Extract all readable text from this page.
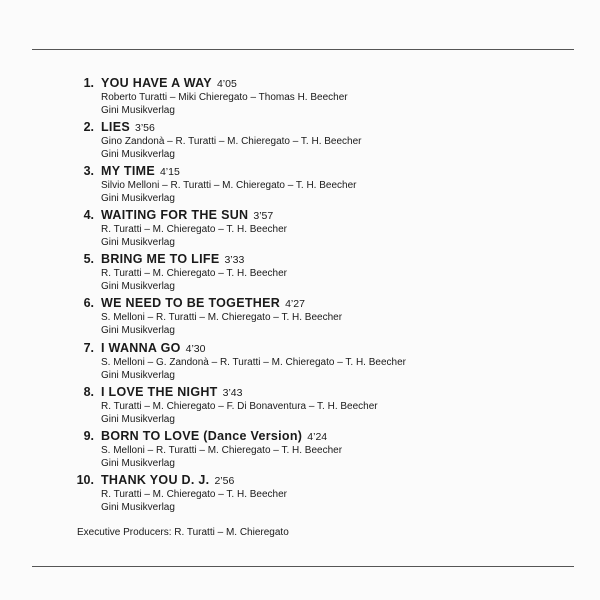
1. YOU HAVE A WAY 4’05
Roberto Turatti – Miki Chieregato – Thomas H. Beecher
Gini Musikverlag
2. LIES 3’56
Gino Zandonà – R. Turatti – M. Chieregato – T. H. Beecher
Gini Musikverlag
3. MY TIME 4’15
Silvio Melloni – R. Turatti – M. Chieregato – T. H. Beecher
Gini Musikverlag
4. WAITING FOR THE SUN 3’57
R. Turatti – M. Chieregato – T. H. Beecher
Gini Musikverlag
5. BRING ME TO LIFE 3’33
R. Turatti – M. Chieregato – T. H. Beecher
Gini Musikverlag
6. WE NEED TO BE TOGETHER 4’27
S. Melloni – R. Turatti – M. Chieregato – T. H. Beecher
Gini Musikverlag
7. I WANNA GO 4’30
S. Melloni – G. Zandonà – R. Turatti – M. Chieregato – T. H. Beecher
Gini Musikverlag
8. I LOVE THE NIGHT 3’43
R. Turatti – M. Chieregato – F. Di Bonaventura – T. H. Beecher
Gini Musikverlag
9. BORN TO LOVE (Dance Version) 4’24
S. Melloni – R. Turatti – M. Chieregato – T. H. Beecher
Gini Musikverlag
10. THANK YOU D. J. 2’56
R. Turatti – M. Chieregato – T. H. Beecher
Gini Musikverlag
Executive Producers: R. Turatti – M. Chieregato
